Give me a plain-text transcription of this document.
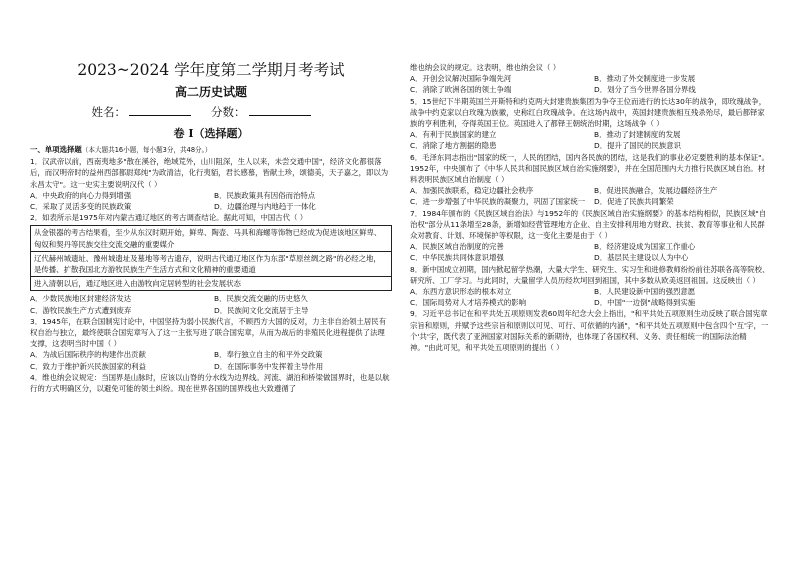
2023~2024 学年度第二学期月考考试
高二历史试题
姓名：	分数：
卷 I（选择题）

一、单项选择题（本大题共16小题，每小题3分，共48分。）

1．汉武帝以前，西南夷地多"散在溪谷，绝域荒外，山川阻深，生人以来，未尝交通中国"，经济文化都很落后，而汉明帝时的益州西部都尉郑纯"为政清洁，化行夷貊，君长感慕，皆献土珍，颂德美，天子嘉之，即以为永昌太守"。这一史实主要说明汉代（ ）

A．中央政府的向心力得到增强	B．民族政策具有因俗而治特点
C．采取了灵活多变的民族政策	D．边疆治理与内地趋于一体化

2．如表所示是1975年对内蒙古通辽地区的考古调查结论。据此可知，中国古代（ ）

从金银器的考古结果看，至少从东汉时期开始，鲜卑、陶壶、马具和海螺等饰物已经成为促进该地区鲜卑、匈奴和契丹等民族交往交流交融的重要媒介
辽代赫州城遗址、豫州城遗址及墓地等考古遗存，说明古代通辽地区作为东部"草原丝绸之路"的必经之地，是传播、扩散我国北方游牧民族生产生活方式和文化精神的重要通道
进入清朝以后，通辽地区进入由游牧向定居转型的社会发展状态
A．少数民族地区封建经济发达	B．民族交流交融的历史悠久
C．游牧民族生产方式遭到废弃	D．民族间文化交流居于主导

3．1945年，在联合国制宪讨论中，中国坚持为弱小民族代言，不顾西方大国的反对，力主非自治领土居民有权自治与独立，最终使联合国宪章写入了这一主张写进了联合国宪章，从而为战后的非殖民化进程提供了法理支撑，这表明当时中国（ ）

A．为战后国际秩序的构建作出贡献	B．奉行独立自主的和平外交政策
C．致力于维护新兴民族国家的利益	D．在国际事务中发挥着主导作用

4．维也纳会议规定：当国界是山脉时，应该以山脊的分水线为边界线。河流、湖泊和桥梁做国界时，也是以航行的方式明确区分，以避免可能的领土纠纷。现在世界各国的国界线也大致遵循了

维也纳会议的规定。这表明，维也纳会议（ ）

A．开创会议解决国际争端先河	B．推动了外交制度进一步发展
C．消除了欧洲各国的领土争端	D．划分了当今世界各国分界线

5．15世纪下半期英国兰开斯特和约克两大封建贵族集团为争夺王位而进行的长达30年的战争，即玫瑰战争，战争中约克家以白玫瑰为族徽，史称红白玫瑰战争。在这场内战中，英国封建贵族相互残杀殆尽，最后都铎家族的亨利胜利，夺得英国王位。英国进入了都铎王朝统治时期，这场战争（ ）

A．有利于民族国家的建立	B．推动了封建制度的发展
C．消除了地方割据的隐患	D．提升了国民的民族意识

6．毛泽东同志指出"国家的统一，人民的团结，国内各民族的团结，这是我们的事业必定要胜利的基本保证"。1952年，中央颁布了《中华人民共和国民族区域自治实施纲要》，并在全国范围内大力推行民族区域自治。材料表明民族区域自治制度（ ）

A．加强民族联系，稳定边疆社会秩序	B．促进民族融合，发展边疆经济生产
C．进一步增强了中华民族的凝聚力，巩固了国家统一	D．促进了民族共同繁荣

7．1984年颁布的《民族区域自治法》与1952年的《民族区域自治实施纲要》的基本结构相似，民族区域"自治权"部分从11条增至28条，新增如经营管理地方企业、自主安排利用地方财政、扶贫、教育等事业和人民群众对教育、计划、环境保护等权限，这一变化主要是由于（ ）

A．民族区域自治制度的完善	B．经济建设成为国家工作重心
C．中华民族共同体意识增强	D．基层民主建设以人为中心

8．新中国成立初期，国内掀起留学热潮，大量大学生、研究生、实习生和进修教师纷纷前往苏联各高等院校、研究所、工厂学习。与此同时，大量留学人员历经坎坷回到祖国，其中多数从欧美返回祖国。这反映出（ ）

A．东西方意识形态的根本对立	B．人民建设新中国的强烈意愿
C．国际局势对人才培养模式的影响	D．中国"一边倒"战略得到实施

9．习近平总书记在和平共处五项原则发表60周年纪念大会上指出，"和平共处五项原则生动反映了联合国宪章宗旨和原则，并赋予这些宗旨和原则以可见、可行、可依循的内涵"，"和平共处五项原则中包含四个'互'字，一个'共'字，既代表了亚洲国家对国际关系的新期待，也体现了各国权利、义务、责任相统一的国际法治精神。"由此可见，和平共处五项原则的提出（ ）
